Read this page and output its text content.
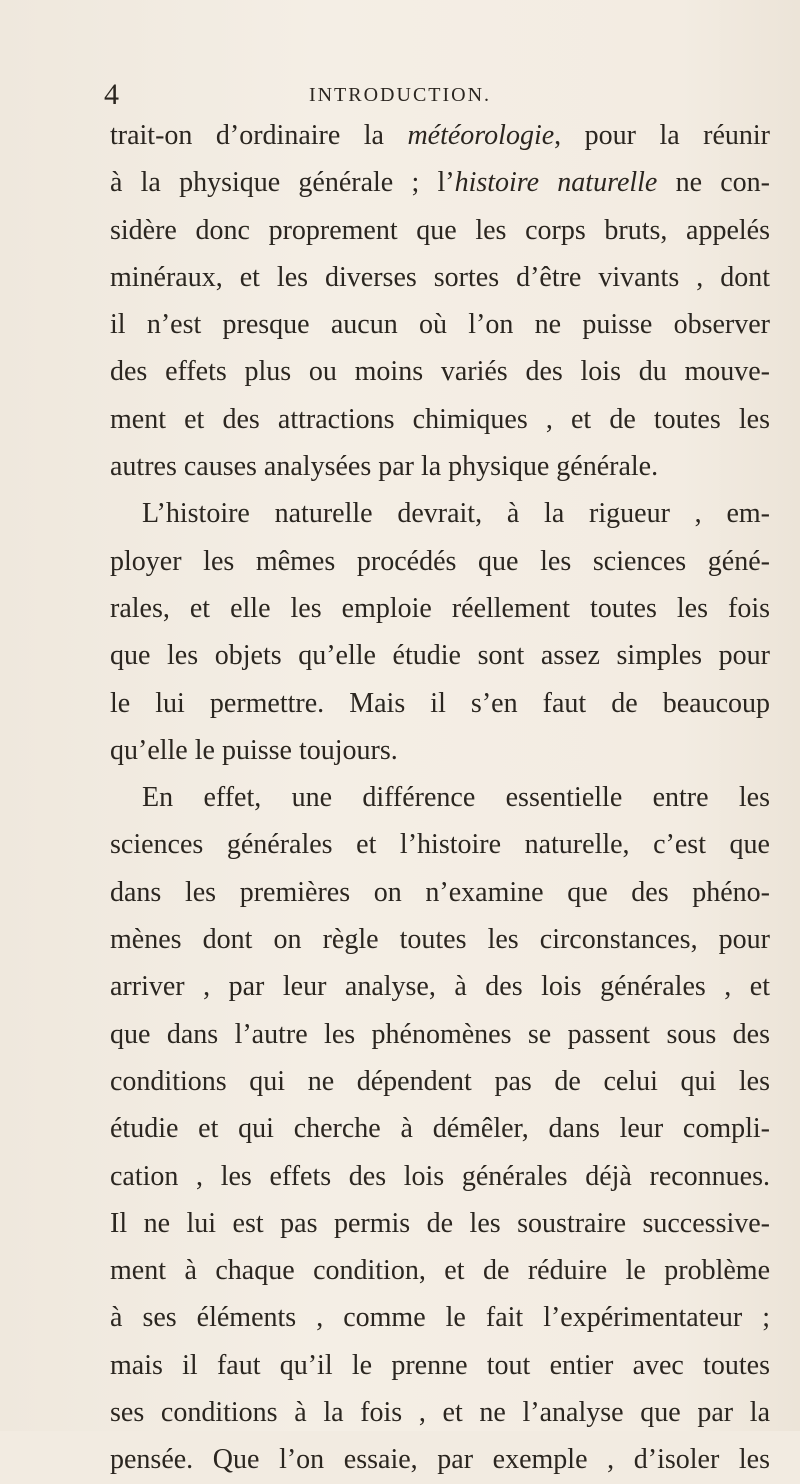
4	INTRODUCTION.
trait-on d’ordinaire la météorologie, pour la réunir
à la physique générale ; l’histoire naturelle ne con-
sidère donc proprement que les corps bruts, appelés
minéraux, et les diverses sortes d’être vivants , dont
il n’est presque aucun où l’on ne puisse observer
des effets plus ou moins variés des lois du mouve-
ment et des attractions chimiques , et de toutes les
autres causes analysées par la physique générale.
L’histoire naturelle devrait, à la rigueur , em-
ployer les mêmes procédés que les sciences géné-
rales, et elle les emploie réellement toutes les fois
que les objets qu’elle étudie sont assez simples pour
le lui permettre. Mais il s’en faut de beaucoup
qu’elle le puisse toujours.
En effet, une différence essentielle entre les
sciences générales et l’histoire naturelle, c’est que
dans les premières on n’examine que des phéno-
mènes dont on règle toutes les circonstances, pour
arriver , par leur analyse, à des lois générales , et
que dans l’autre les phénomènes se passent sous des
conditions qui ne dépendent pas de celui qui les
étudie et qui cherche à démêler, dans leur compli-
cation , les effets des lois générales déjà reconnues.
Il ne lui est pas permis de les soustraire successive-
ment à chaque condition, et de réduire le problème
à ses éléments , comme le fait l’expérimentateur ;
mais il faut qu’il le prenne tout entier avec toutes
ses conditions à la fois , et ne l’analyse que par la
pensée. Que l’on essaie, par exemple , d’isoler les
